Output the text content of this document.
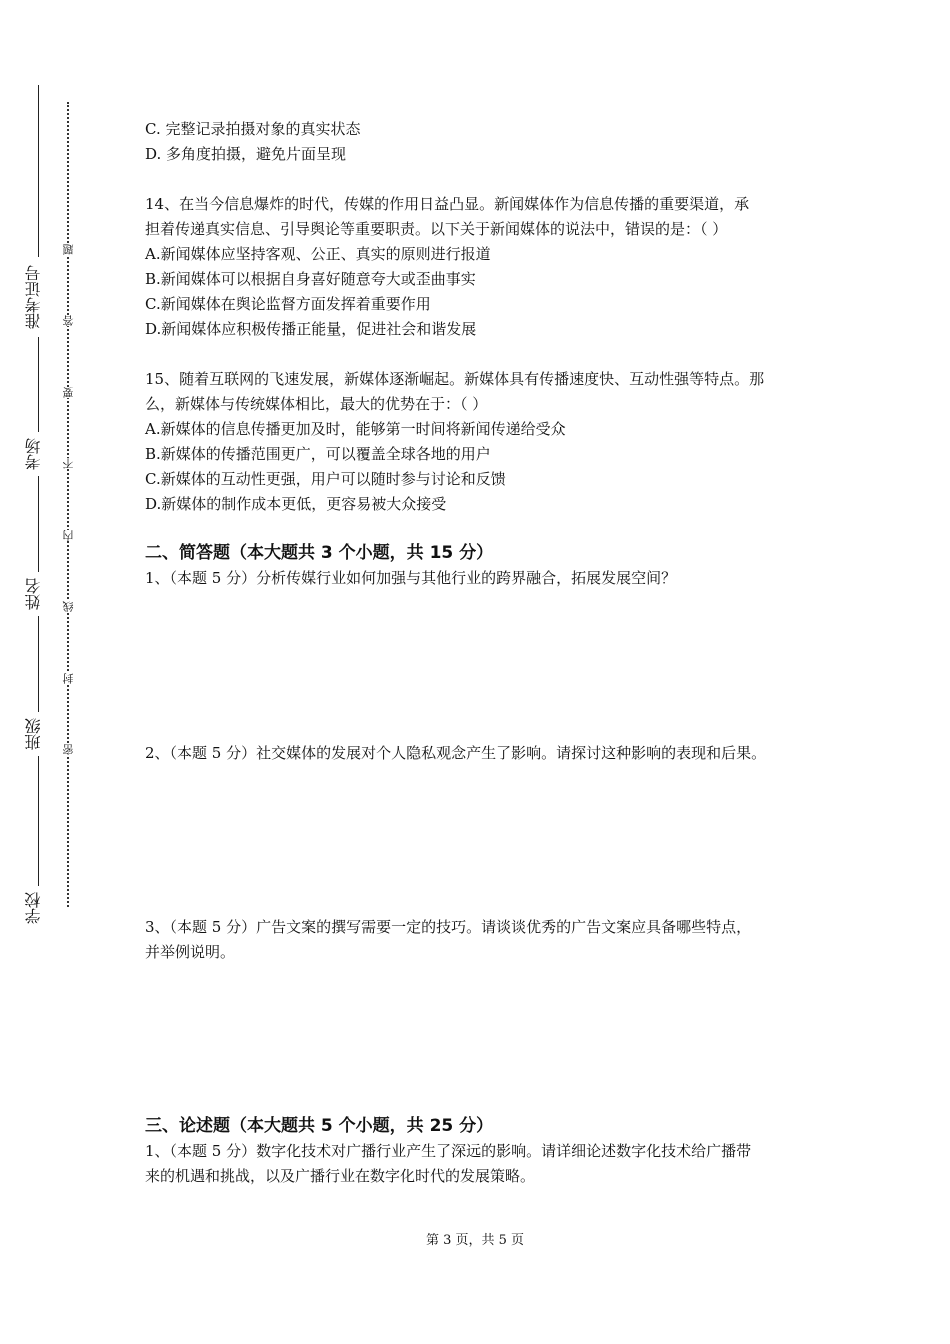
准考证号
考场
姓名
班级
学校
题
答
要
不
内
线
封
密
C. 完整记录拍摄对象的真实状态
D. 多角度拍摄，避免片面呈现
14、在当今信息爆炸的时代，传媒的作用日益凸显。新闻媒体作为信息传播的重要渠道，承
担着传递真实信息、引导舆论等重要职责。以下关于新闻媒体的说法中，错误的是：（ ）
A.新闻媒体应坚持客观、公正、真实的原则进行报道
B.新闻媒体可以根据自身喜好随意夸大或歪曲事实
C.新闻媒体在舆论监督方面发挥着重要作用
D.新闻媒体应积极传播正能量，促进社会和谐发展
15、随着互联网的飞速发展，新媒体逐渐崛起。新媒体具有传播速度快、互动性强等特点。那
么，新媒体与传统媒体相比，最大的优势在于：（ ）
A.新媒体的信息传播更加及时，能够第一时间将新闻传递给受众
B.新媒体的传播范围更广，可以覆盖全球各地的用户
C.新媒体的互动性更强，用户可以随时参与讨论和反馈
D.新媒体的制作成本更低，更容易被大众接受
二、简答题（本大题共 3 个小题，共 15 分）
1、（本题 5 分）分析传媒行业如何加强与其他行业的跨界融合，拓展发展空间？
2、（本题 5 分）社交媒体的发展对个人隐私观念产生了影响。请探讨这种影响的表现和后果。
3、（本题 5 分）广告文案的撰写需要一定的技巧。请谈谈优秀的广告文案应具备哪些特点，
并举例说明。
三、论述题（本大题共 5 个小题，共 25 分）
1、（本题 5 分）数字化技术对广播行业产生了深远的影响。请详细论述数字化技术给广播带
来的机遇和挑战，以及广播行业在数字化时代的发展策略。
第 3 页，共 5 页
